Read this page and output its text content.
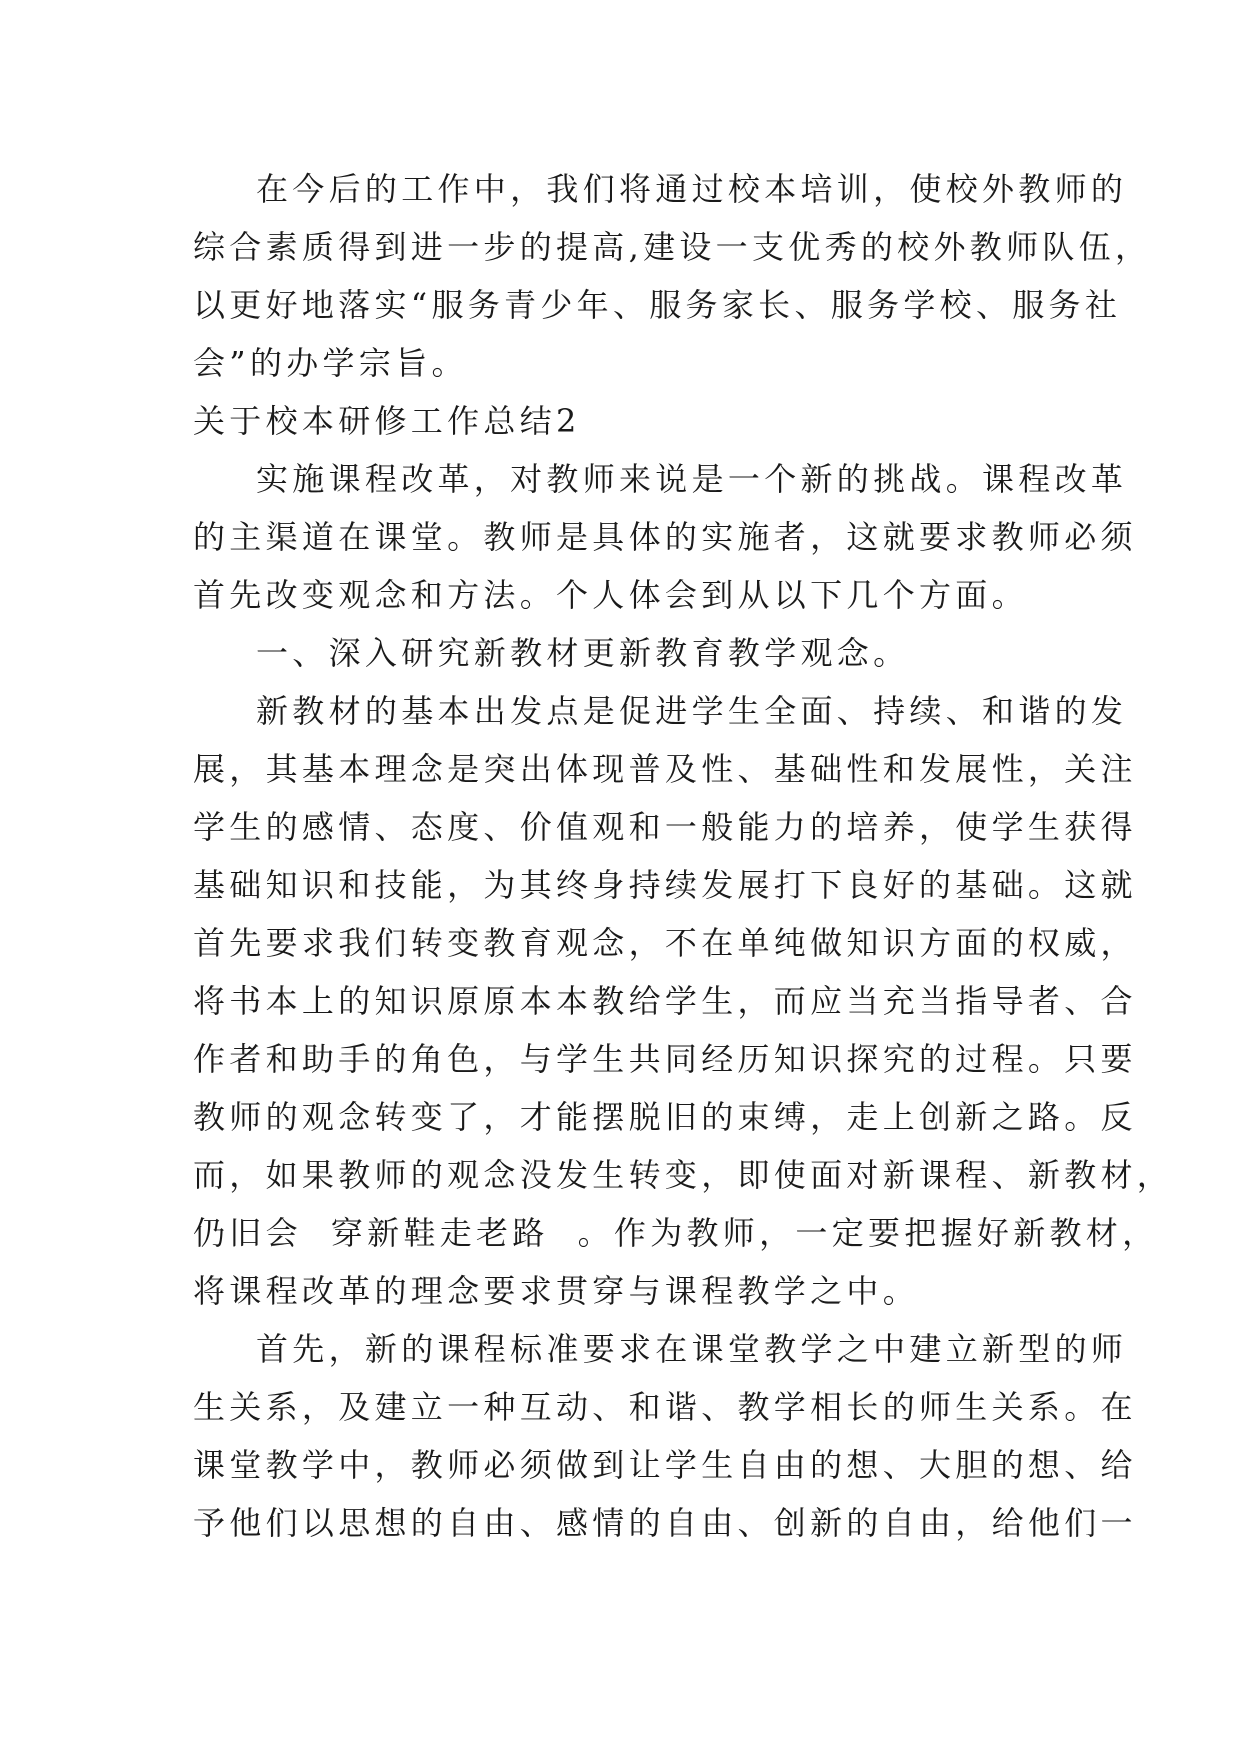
在今后的工作中，我们将通过校本培训，使校外教师的
综合素质得到进一步的提高,建设一支优秀的校外教师队伍，
以更好地落实“服务青少年、服务家长、服务学校、服务社
会”的办学宗旨。
关于校本研修工作总结2
实施课程改革，对教师来说是一个新的挑战。课程改革
的主渠道在课堂。教师是具体的实施者，这就要求教师必须
首先改变观念和方法。个人体会到从以下几个方面。
一、深入研究新教材更新教育教学观念。
新教材的基本出发点是促进学生全面、持续、和谐的发
展，其基本理念是突出体现普及性、基础性和发展性，关注
学生的感情、态度、价值观和一般能力的培养，使学生获得
基础知识和技能，为其终身持续发展打下良好的基础。这就
首先要求我们转变教育观念，不在单纯做知识方面的权威，
将书本上的知识原原本本教给学生，而应当充当指导者、合
作者和助手的角色，与学生共同经历知识探究的过程。只要
教师的观念转变了，才能摆脱旧的束缚，走上创新之路。反
而，如果教师的观念没发生转变，即使面对新课程、新教材，
仍旧会  穿新鞋走老路  。作为教师，一定要把握好新教材，
将课程改革的理念要求贯穿与课程教学之中。
首先，新的课程标准要求在课堂教学之中建立新型的师
生关系，及建立一种互动、和谐、教学相长的师生关系。在
课堂教学中，教师必须做到让学生自由的想、大胆的想、给
予他们以思想的自由、感情的自由、创新的自由，给他们一
